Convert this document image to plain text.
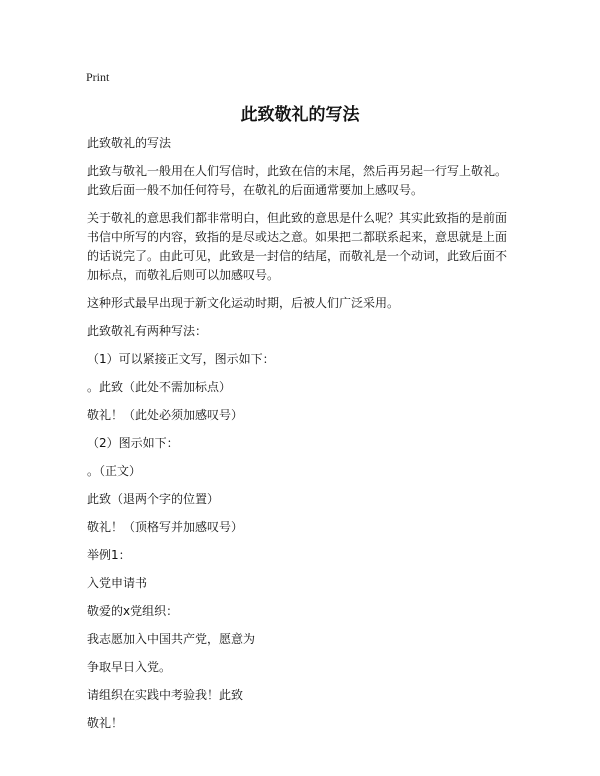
Print
此致敬礼的写法

此致敬礼的写法

此致与敬礼一般用在人们写信时，此致在信的末尾，然后再另起一行写上敬礼。此致后面一般不加任何符号，在敬礼的后面通常要加上感叹号。

关于敬礼的意思我们都非常明白，但此致的意思是什么呢？其实此致指的是前面书信中所写的内容，致指的是尽或达之意。如果把二都联系起来，意思就是上面的话说完了。由此可见，此致是一封信的结尾，而敬礼是一个动词，此致后面不加标点，而敬礼后则可以加感叹号。

这种形式最早出现于新文化运动时期，后被人们广泛采用。

此致敬礼有两种写法：

（1）可以紧接正文写，图示如下：

。此致（此处不需加标点）

敬礼！（此处必须加感叹号）

（2）图示如下：

。（正文）

此致（退两个字的位置）

敬礼！（顶格写并加感叹号）

举例1：

入党申请书

敬爱的x党组织：

我志愿加入中国共产党，愿意为

争取早日入党。

请组织在实践中考验我！此致

敬礼！
